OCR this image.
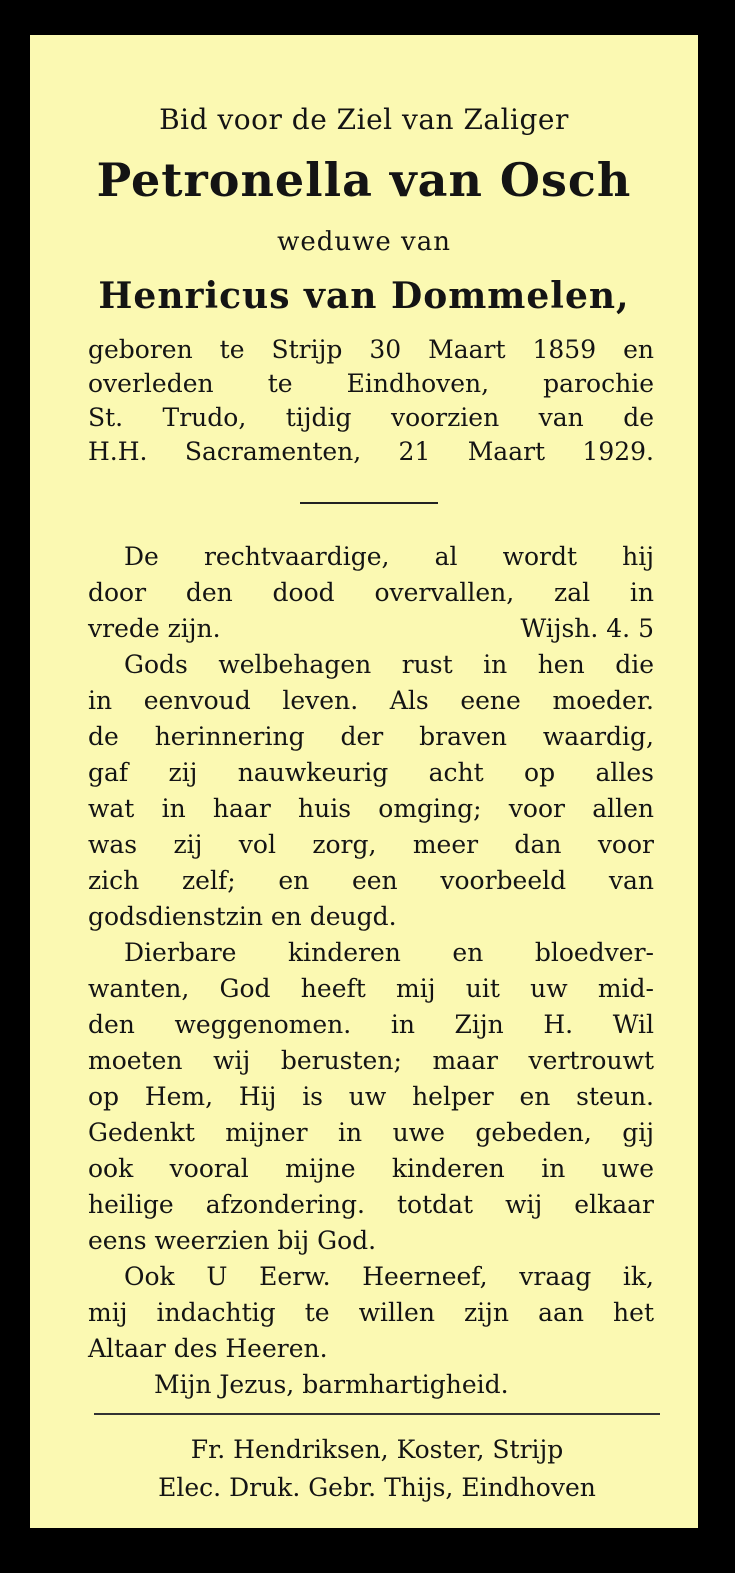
Bid voor de Ziel van Zaliger
Petronella van Osch
weduwe van
Henricus van Dommelen,
geboren te Strijp 30 Maart 1859 en
overleden te Eindhoven, parochie
St. Trudo, tijdig voorzien van de
H.H. Sacramenten, 21 Maart 1929.
De rechtvaardige, al wordt hij
door den dood overvallen, zal in
vrede zijn.	Wijsh. 4. 5
Gods welbehagen rust in hen die
in eenvoud leven. Als eene moeder.
de herinnering der braven waardig,
gaf zij nauwkeurig acht op alles
wat in haar huis omging; voor allen
was zij vol zorg, meer dan voor
zich zelf; en een voorbeeld van
godsdienstzin en deugd.
Dierbare kinderen en bloedver-
wanten, God heeft mij uit uw mid-
den weggenomen. in Zijn H. Wil
moeten wij berusten; maar vertrouwt
op Hem, Hij is uw helper en steun.
Gedenkt mijner in uwe gebeden, gij
ook vooral mijne kinderen in uwe
heilige afzondering. totdat wij elkaar
eens weerzien bij God.
Ook U Eerw. Heerneef, vraag ik,
mij indachtig te willen zijn aan het
Altaar des Heeren.
Mijn Jezus, barmhartigheid.
Fr. Hendriksen, Koster, Strijp
Elec. Druk. Gebr. Thijs, Eindhoven
